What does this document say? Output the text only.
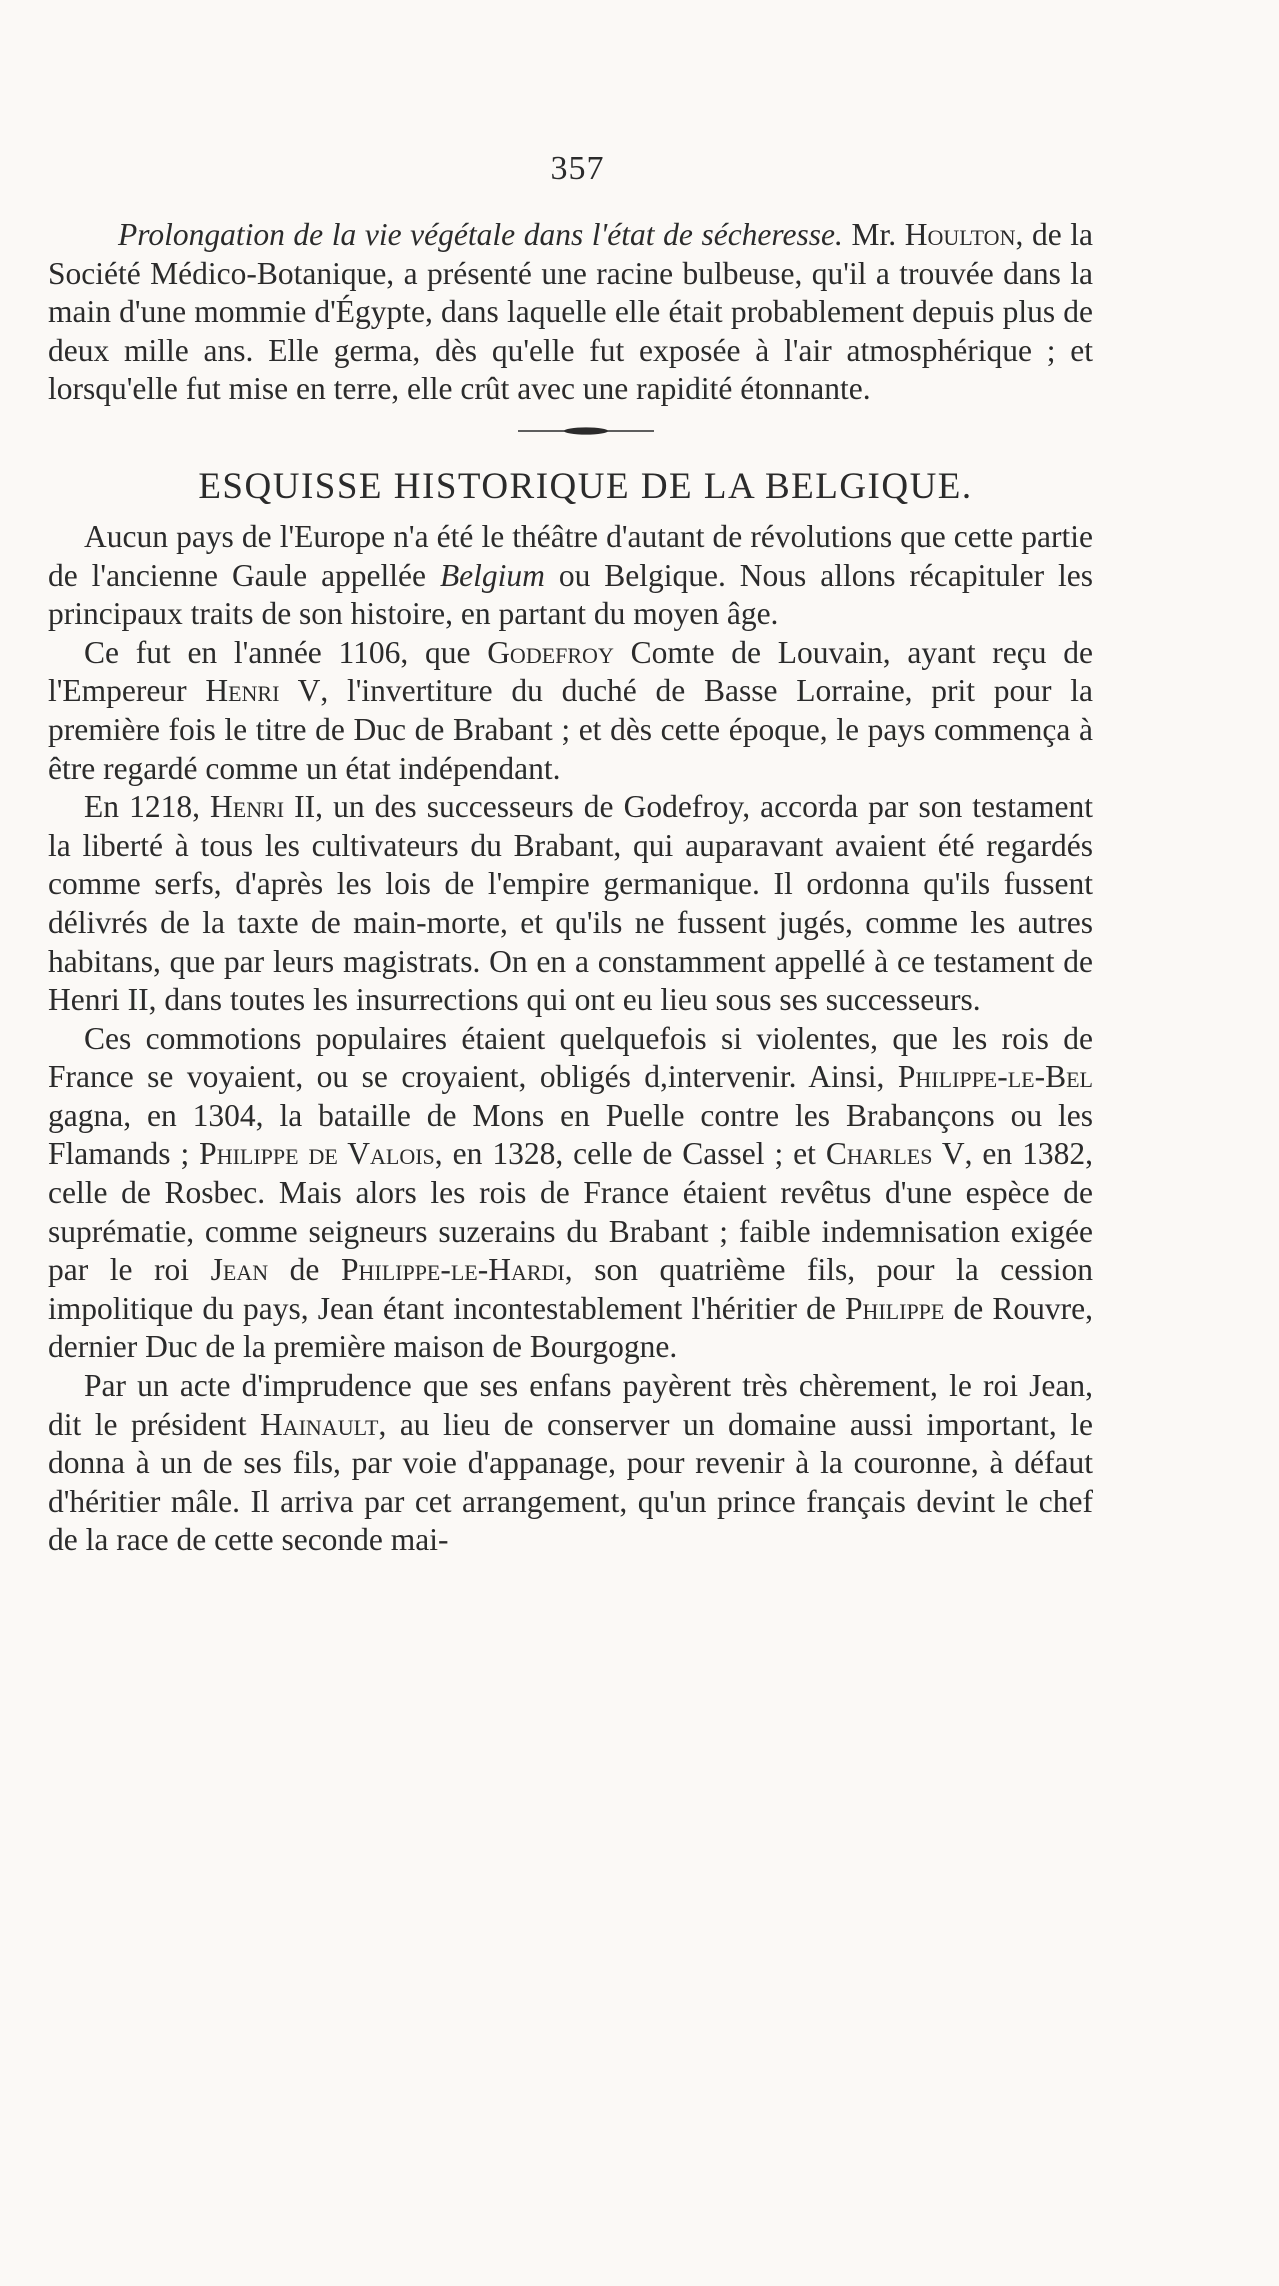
357

Prolongation de la vie végétale dans l'état de sécheresse. Mr. Houlton, de la Société Médico-Botanique, a présenté une racine bulbeuse, qu'il a trouvée dans la main d'une mommie d'Égypte, dans laquelle elle était probablement depuis plus de deux mille ans. Elle germa, dès qu'elle fut exposée à l'air atmosphérique ; et lorsqu'elle fut mise en terre, elle crût avec une rapidité étonnante.

ESQUISSE HISTORIQUE DE LA BELGIQUE.

Aucun pays de l'Europe n'a été le théâtre d'autant de révolutions que cette partie de l'ancienne Gaule appellée Belgium ou Belgique. Nous allons récapituler les principaux traits de son histoire, en partant du moyen âge.

Ce fut en l'année 1106, que Godefroy Comte de Louvain, ayant reçu de l'Empereur Henri V, l'invertiture du duché de Basse Lorraine, prit pour la première fois le titre de Duc de Brabant ; et dès cette époque, le pays commença à être regardé comme un état indépendant.

En 1218, Henri II, un des successeurs de Godefroy, accorda par son testament la liberté à tous les cultivateurs du Brabant, qui auparavant avaient été regardés comme serfs, d'après les lois de l'empire germanique. Il ordonna qu'ils fussent délivrés de la taxte de main-morte, et qu'ils ne fussent jugés, comme les autres habitans, que par leurs magistrats. On en a constamment appellé à ce testament de Henri II, dans toutes les insurrections qui ont eu lieu sous ses successeurs.

Ces commotions populaires étaient quelquefois si violentes, que les rois de France se voyaient, ou se croyaient, obligés d,intervenir. Ainsi, Philippe-le-Bel gagna, en 1304, la bataille de Mons en Puelle contre les Brabançons ou les Flamands ; Philippe de Valois, en 1328, celle de Cassel ; et Charles V, en 1382, celle de Rosbec. Mais alors les rois de France étaient revêtus d'une espèce de suprématie, comme seigneurs suzerains du Brabant ; faible indemnisation exigée par le roi Jean de Philippe-le-Hardi, son quatrième fils, pour la cession impolitique du pays, Jean étant incontestablement l'héritier de Philippe de Rouvre, dernier Duc de la première maison de Bourgogne.

Par un acte d'imprudence que ses enfans payèrent très chèrement, le roi Jean, dit le président Hainault, au lieu de conserver un domaine aussi important, le donna à un de ses fils, par voie d'appanage, pour revenir à la couronne, à défaut d'héritier mâle. Il arriva par cet arrangement, qu'un prince français devint le chef de la race de cette seconde mai-
